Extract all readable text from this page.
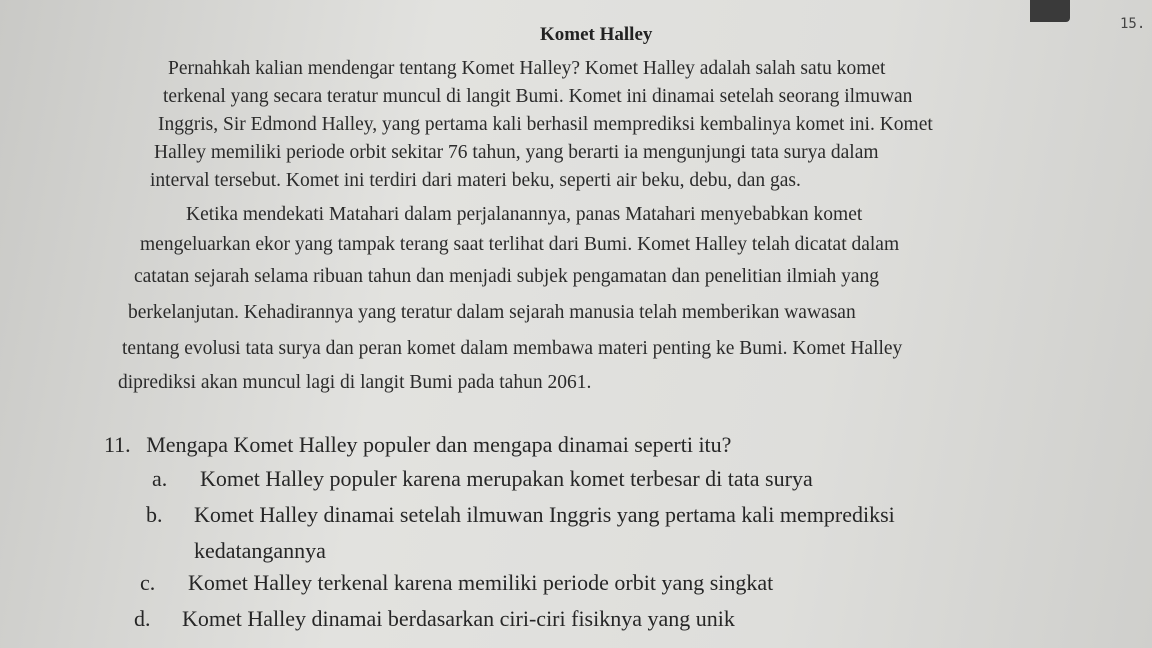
15.
Komet Halley
Pernahkah kalian mendengar tentang Komet Halley? Komet Halley adalah salah satu komet
terkenal yang secara teratur muncul di langit Bumi. Komet ini dinamai setelah seorang ilmuwan
Inggris, Sir Edmond Halley, yang pertama kali berhasil memprediksi kembalinya komet ini. Komet
Halley memiliki periode orbit sekitar 76 tahun, yang berarti ia mengunjungi tata surya dalam
interval tersebut. Komet ini terdiri dari materi beku, seperti air beku, debu, dan gas.
Ketika mendekati Matahari dalam perjalanannya, panas Matahari menyebabkan komet
mengeluarkan ekor yang tampak terang saat terlihat dari Bumi. Komet Halley telah dicatat dalam
catatan sejarah selama ribuan tahun dan menjadi subjek pengamatan dan penelitian ilmiah yang
berkelanjutan. Kehadirannya yang teratur dalam sejarah manusia telah memberikan wawasan
tentang evolusi tata surya dan peran komet dalam membawa materi penting ke Bumi. Komet Halley
diprediksi akan muncul lagi di langit Bumi pada tahun 2061.
11. Mengapa Komet Halley populer dan mengapa dinamai seperti itu?
a. Komet Halley populer karena merupakan komet terbesar di tata surya
b. Komet Halley dinamai setelah ilmuwan Inggris yang pertama kali memprediksi
kedatangannya
c. Komet Halley terkenal karena memiliki periode orbit yang singkat
d. Komet Halley dinamai berdasarkan ciri-ciri fisiknya yang unik
